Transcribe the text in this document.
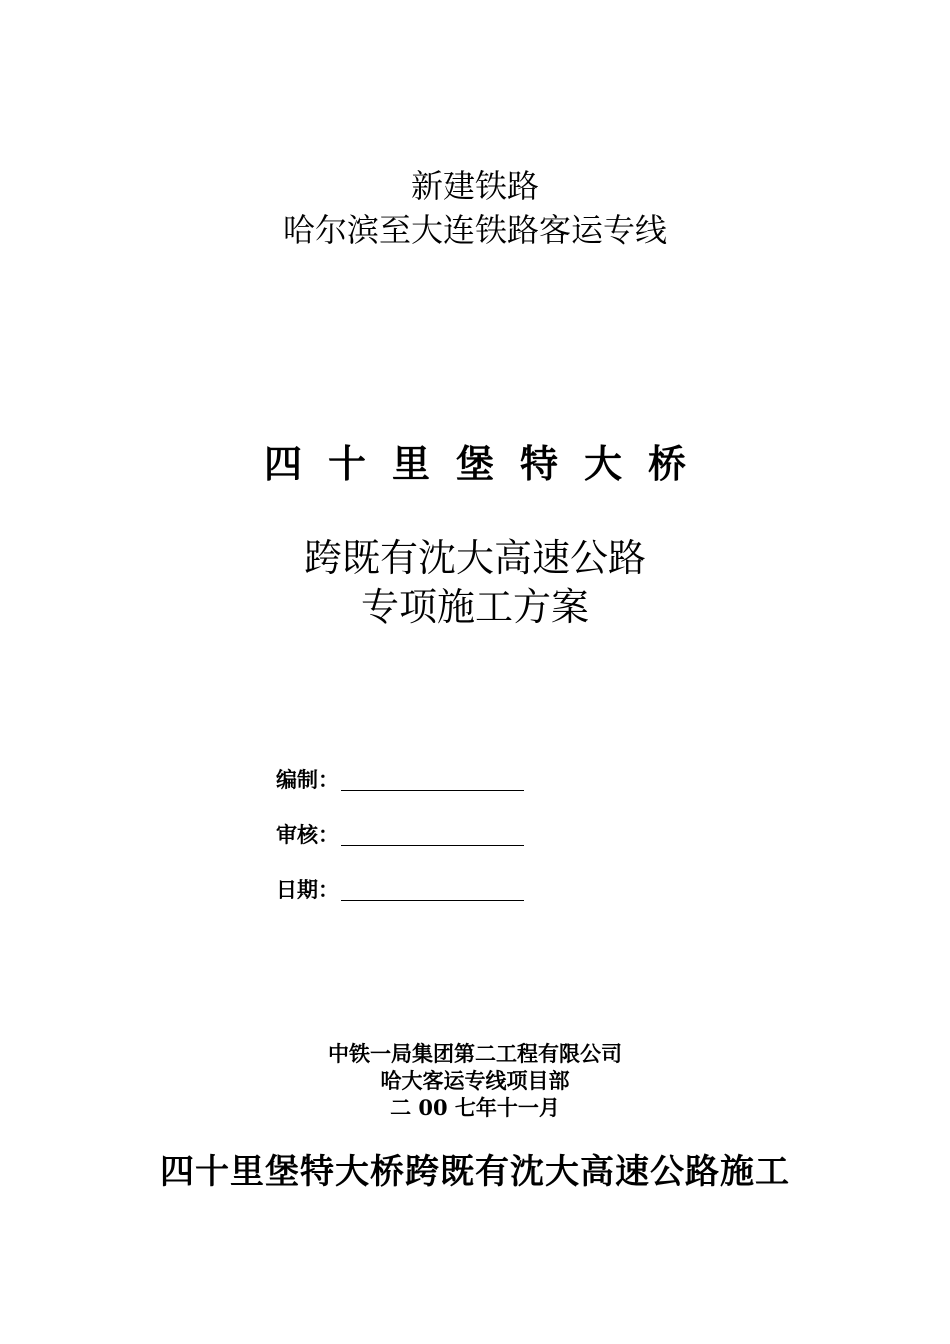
新建铁路
哈尔滨至大连铁路客运专线
四十里堡特大桥
跨既有沈大高速公路
专项施工方案
编制：
审核：
日期：
中铁一局集团第二工程有限公司
哈大客运专线项目部
二 00 七年十一月
四十里堡特大桥跨既有沈大高速公路施工
